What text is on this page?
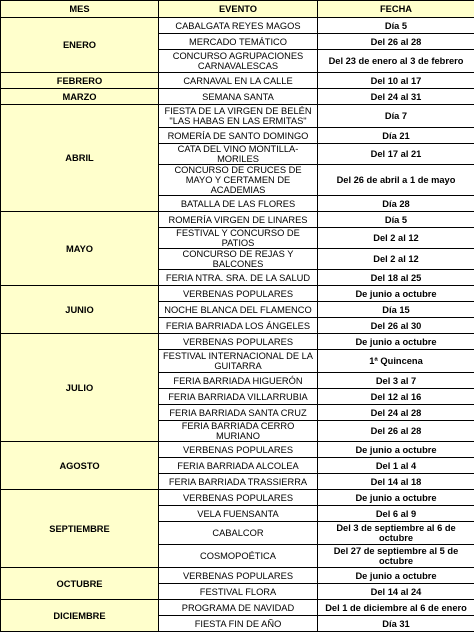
MES	EVENTO	FECHA
ENERO	CABALGATA REYES MAGOS	Día 5
	MERCADO TEMÁTICO	Del 26 al 28
	CONCURSO AGRUPACIONES CARNAVALESCAS	Del 23 de enero al 3 de febrero
FEBRERO	CARNAVAL EN LA CALLE	Del 10 al 17
MARZO	SEMANA SANTA	Del 24 al 31
ABRIL	FIESTA DE LA VIRGEN DE BELÉN "LAS HABAS EN LAS ERMITAS"	Día 7
	ROMERÍA DE SANTO DOMINGO	Día 21
	CATA DEL VINO MONTILLA-MORILES	Del 17 al 21
	CONCURSO DE CRUCES DE MAYO Y CERTAMEN DE ACADEMIAS	Del 26 de abril a 1 de mayo
	BATALLA DE LAS FLORES	Día 28
MAYO	ROMERÍA VIRGEN DE LINARES	Día 5
	FESTIVAL Y CONCURSO DE PATIOS	Del 2 al 12
	CONCURSO DE REJAS Y BALCONES	Del 2 al 12
	FERIA NTRA. SRA. DE LA SALUD	Del 18 al 25
JUNIO	VERBENAS POPULARES	De junio a octubre
	NOCHE BLANCA DEL FLAMENCO	Día 15
	FERIA BARRIADA LOS ÁNGELES	Del 26 al 30
JULIO	VERBENAS POPULARES	De junio a octubre
	FESTIVAL INTERNACIONAL DE LA GUITARRA	1ª Quincena
	FERIA BARRIADA HIGUERÓN	Del 3 al 7
	FERIA BARRIADA VILLARRUBIA	Del 12 al 16
	FERIA BARRIADA SANTA CRUZ	Del 24 al 28
	FERIA BARRIADA CERRO MURIANO	Del 26 al 28
AGOSTO	VERBENAS POPULARES	De junio a octubre
	FERIA BARRIADA ALCOLEA	Del 1 al 4
	FERIA BARRIADA TRASSIERRA	Del 14 al 18
SEPTIEMBRE	VERBENAS POPULARES	De junio a octubre
	VELA FUENSANTA	Del 6 al 9
	CABALCOR	Del 3 de septiembre al 6 de octubre
	COSMOPOÉTICA	Del 27 de septiembre al 5 de octubre
OCTUBRE	VERBENAS POPULARES	De junio a octubre
	FESTIVAL FLORA	Del 14 al 24
DICIEMBRE	PROGRAMA DE NAVIDAD	Del 1 de diciembre al 6 de enero
	FIESTA FIN DE AÑO	Día 31
